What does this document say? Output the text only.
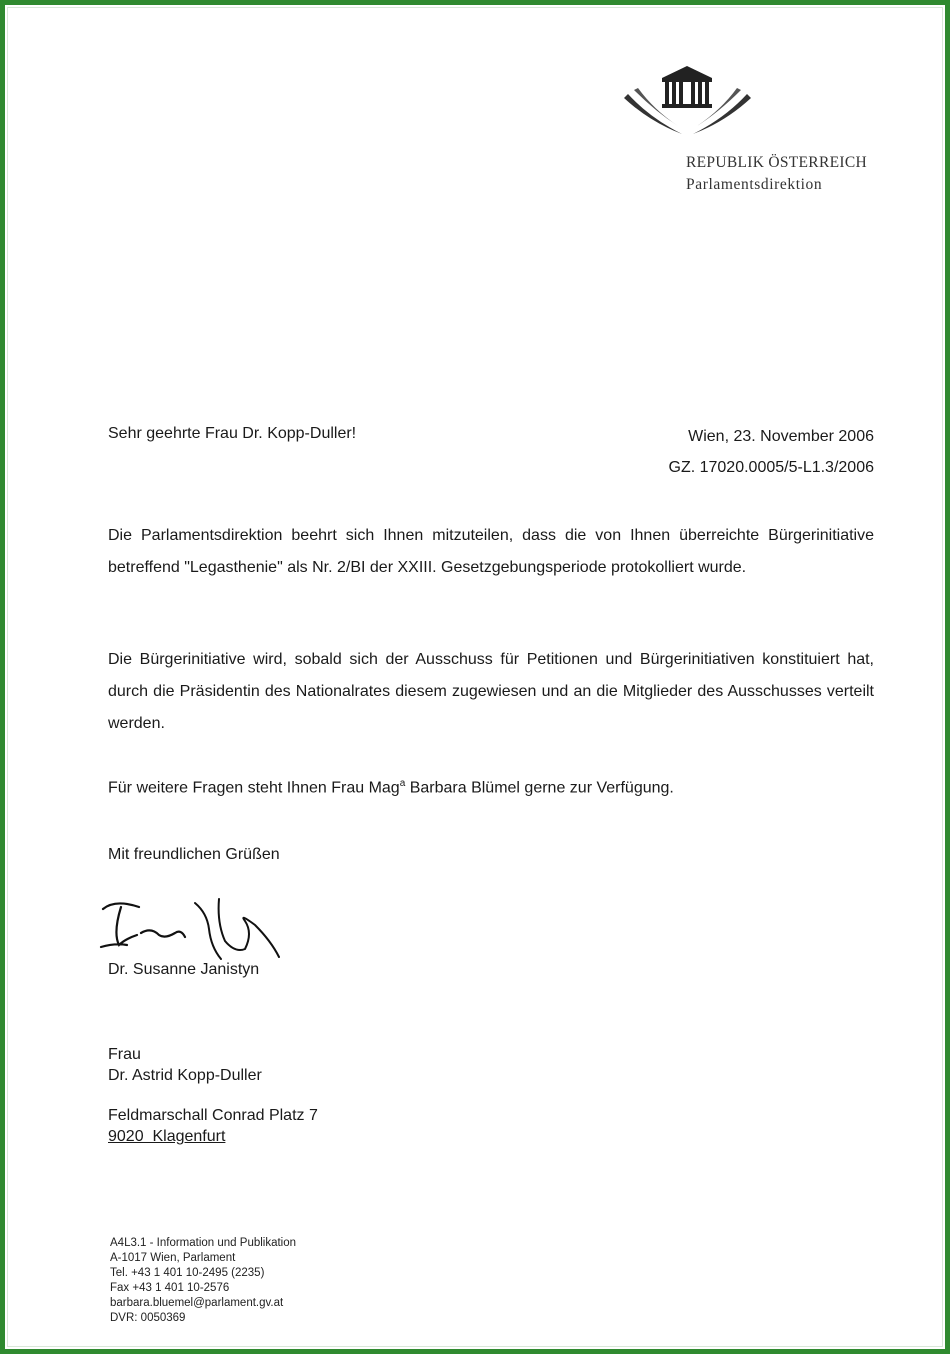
REPUBLIK ÖSTERREICH
Parlamentsdirektion
Sehr geehrte Frau Dr. Kopp-Duller!	Wien, 23. November 2006
GZ. 17020.0005/5-L1.3/2006
Die Parlamentsdirektion beehrt sich Ihnen mitzuteilen, dass die von Ihnen überreichte Bürgerinitiative betreffend "Legasthenie" als Nr. 2/BI der XXIII. Gesetzgebungsperiode protokolliert wurde.
Die Bürgerinitiative wird, sobald sich der Ausschuss für Petitionen und Bürgerinitiativen konstituiert hat, durch die Präsidentin des Nationalrates diesem zugewiesen und an die Mitglieder des Ausschusses verteilt werden.
Für weitere Fragen steht Ihnen Frau Mag$^a$ Barbara Blümel gerne zur Verfügung.
Mit freundlichen Grüßen
Dr. Susanne Janistyn
Frau
Dr. Astrid Kopp-Duller
Feldmarschall Conrad Platz 7
9020  Klagenfurt
A4L3.1 - Information und Publikation
A-1017 Wien, Parlament
Tel. +43 1 401 10-2495 (2235)
Fax +43 1 401 10-2576
barbara.bluemel@parlament.gv.at
DVR: 0050369
